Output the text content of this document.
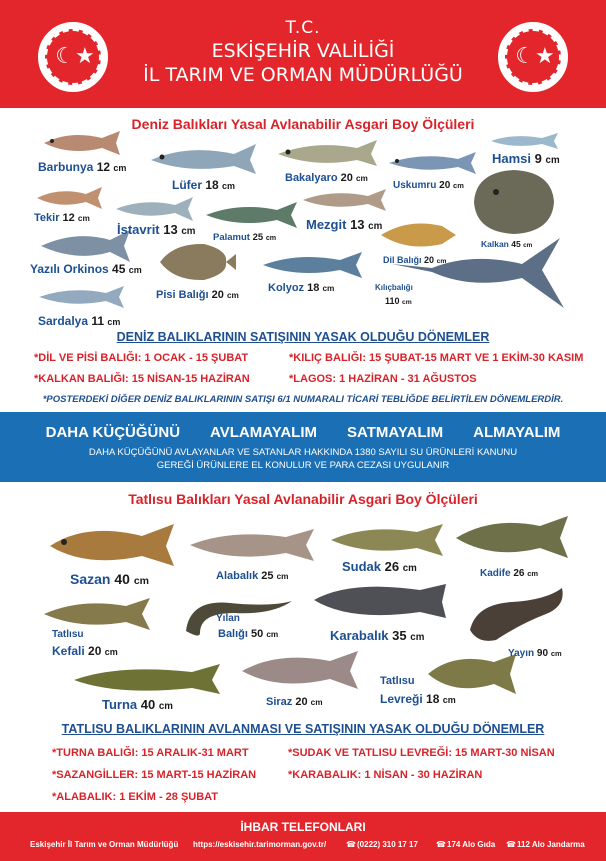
☾★
T.C.
ESKİŞEHİR VALİLİĞİ
İL TARIM VE ORMAN MÜDÜRLÜĞÜ
☾★
Deniz Balıkları Yasal Avlanabilir Asgari Boy Ölçüleri
Barbunya 12 cm
Lüfer 18 cm
Bakalyaro 20 cm
Uskumru 20 cm
Hamsi 9 cm
Tekir 12 cm
İstavrit 13 cm
Palamut 25 cm
Mezgit 13 cm
Kalkan 45 cm
Yazılı Orkinos 45 cm
Pisi Balığı 20 cm
Kolyoz 18 cm
Dil Balığı 20 cm
Kılıçbalığı
110 cm
Sardalya 11 cm
DENİZ BALIKLARININ SATIŞININ YASAK OLDUĞU DÖNEMLER
*DİL VE PİSİ BALIĞI: 1 OCAK - 15 ŞUBAT	*KILIÇ BALIĞI: 15 ŞUBAT-15 MART VE 1 EKİM-30 KASIM
*KALKAN BALIĞI: 15 NİSAN-15 HAZİRAN	*LAGOS: 1 HAZİRAN - 31 AĞUSTOS
*POSTERDEKİ DİĞER DENİZ BALIKLARININ SATIŞI 6/1 NUMARALI TİCARİ TEBLİĞDE BELİRTİLEN DÖNEMLERDİR.
DAHA KÜÇÜĞÜNÜ AVLAMAYALIM SATMAYALIM ALMAYALIM
DAHA KÜÇÜĞÜNÜ AVLAYANLAR VE SATANLAR HAKKINDA 1380 SAYILI SU ÜRÜNLERİ KANUNU
GEREĞİ ÜRÜNLERE EL KONULUR VE PARA CEZASI UYGULANIR
Tatlısu Balıkları Yasal Avlanabilir Asgari Boy Ölçüleri
Sazan 40 cm	Alabalık 25 cm
Sudak 26 cm	Kadife 26 cm
Tatlısu
Kefali 20 cm
Yılan
Balığı 50 cm	Karabalık 35 cm
Yayın 90 cm
Turna 40 cm	Siraz 20 cm
Tatlısu
Levreği 18 cm
TATLISU BALIKLARININ AVLANMASI VE SATIŞININ YASAK OLDUĞU DÖNEMLER
*TURNA BALIĞI: 15 ARALIK-31 MART	*SUDAK VE TATLISU LEVREĞİ: 15 MART-30 NİSAN
*SAZANGİLLER: 15 MART-15 HAZİRAN	*KARABALIK: 1 NİSAN - 30 HAZİRAN
*ALABALIK: 1 EKİM - 28 ŞUBAT
İHBAR TELEFONLARI
Eskişehir İl Tarım ve Orman Müdürlüğü https://eskisehir.tarimorman.gov.tr/ ☎ (0222) 310 17 17 ☎ 174 Alo Gıda ☎ 112 Alo Jandarma
